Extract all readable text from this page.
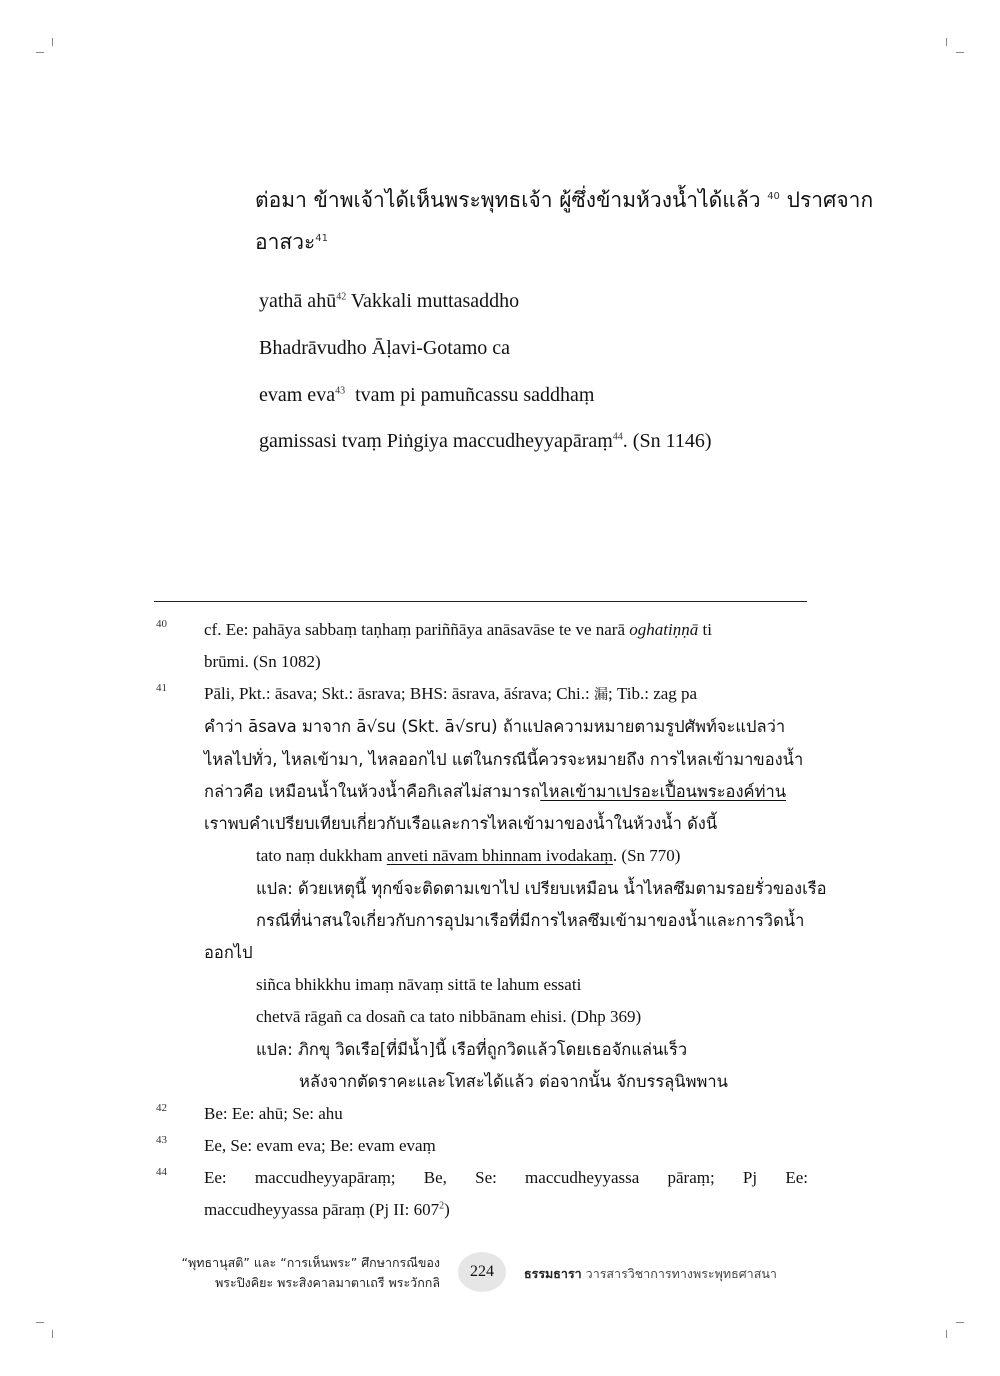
ต่อมา ข้าพเจ้าได้เห็นพระพุทธเจ้า ผู้ซึ่งข้ามห้วงน้ำได้แล้ว $^{40}$ ปราศจาก
อาสวะ$^{41}$
yathā ahū$^{42}$ Vakkali muttasaddho
Bhadrāvudho Āḷavi-Gotamo ca
evam eva$^{43}$ tvam pi pamuñcassu saddhaṃ
gamissasi tvaṃ Piṅgiya maccudheyyapāraṃ$^{44}$. (Sn 1146)
40 cf. Ee: pahāya sabbaṃ taṇhaṃ pariññāya anāsavāse te ve narā oghatiṇṇā ti
brūmi. (Sn 1082)
41 Pāli, Pkt.: āsava; Skt.: āsrava; BHS: āsrava, āśrava; Chi.: 漏; Tib.: zag pa
คำว่า āsava มาจาก ā√su (Skt. ā√sru) ถ้าแปลความหมายตามรูปศัพท์จะแปลว่า
ไหลไปทั่ว, ไหลเข้ามา, ไหลออกไป แต่ในกรณีนี้ควรจะหมายถึง การไหลเข้ามาของน้ำ
กล่าวคือ เหมือนน้ำในห้วงน้ำคือกิเลสไม่สามารถไหลเข้ามาเปรอะเปื้อนพระองค์ท่าน
เราพบคำเปรียบเทียบเกี่ยวกับเรือและการไหลเข้ามาของน้ำในห้วงน้ำ ดังนี้
tato naṃ dukkham anveti nāvam bhinnam ivodakaṃ. (Sn 770)
แปล: ด้วยเหตุนี้ ทุกข์จะติดตามเขาไป เปรียบเหมือน น้ำไหลซึมตามรอยรั่วของเรือ
กรณีที่น่าสนใจเกี่ยวกับการอุปมาเรือที่มีการไหลซึมเข้ามาของน้ำและการวิดน้ำ
ออกไป
siñca bhikkhu imaṃ nāvaṃ sittā te lahum essati
chetvā rāgañ ca dosañ ca tato nibbānam ehisi. (Dhp 369)
แปล: ภิกขุ วิดเรือ[ที่มีน้ำ]นี้ เรือที่ถูกวิดแล้วโดยเธอจักแล่นเร็ว
หลังจากตัดราคะและโทสะได้แล้ว ต่อจากนั้น จักบรรลุนิพพาน
42 Be: Ee: ahū; Se: ahu
43 Ee, Se: evam eva; Be: evam evaṃ
44 Ee: maccudheyyapāraṃ; Be, Se: maccudheyyassa pāraṃ; Pj Ee:
maccudheyyassa pāraṃ (Pj II: $607^2$)
“พุทธานุสติ” และ “การเห็นพระ” ศึกษากรณีของ
พระปิงคิยะ พระสิงคาลมาตาเถรี พระวักกลิ
224	ธรรมธารา วารสารวิชาการทางพระพุทธศาสนา
